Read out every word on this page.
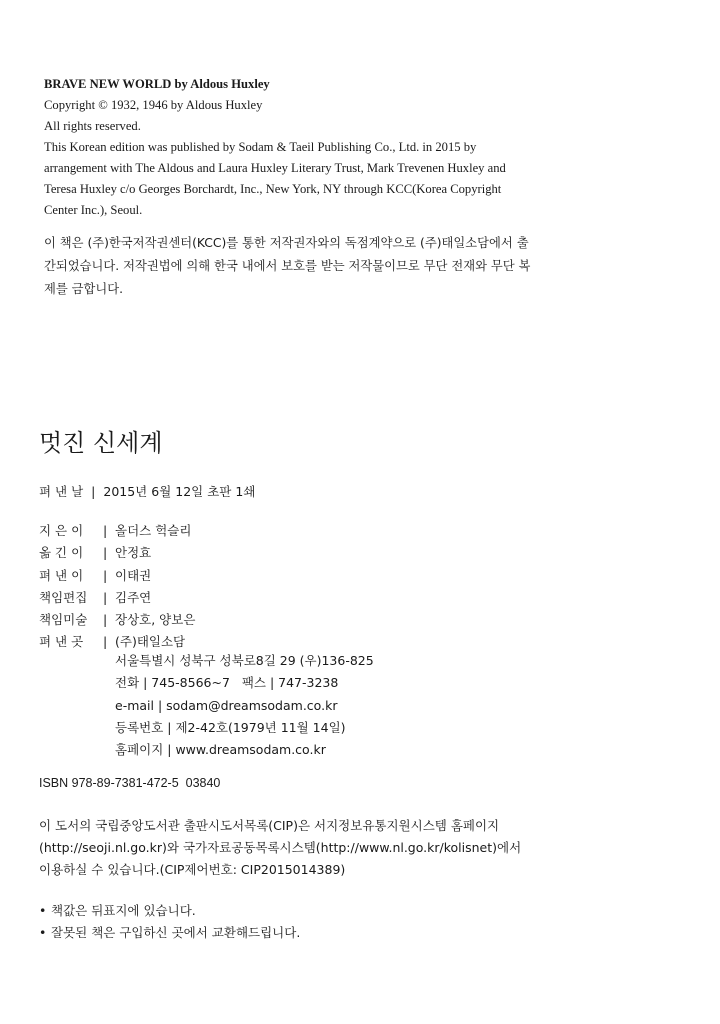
BRAVE NEW WORLD by Aldous Huxley

Copyright © 1932, 1946 by Aldous Huxley

All rights reserved.

This Korean edition was published by Sodam & Taeil Publishing Co., Ltd. in 2015 by

arrangement with The Aldous and Laura Huxley Literary Trust, Mark Trevenen Huxley and

Teresa Huxley c/o Georges Borchardt, Inc., New York, NY through KCC(Korea Copyright

Center Inc.), Seoul.

이 책은 (주)한국저작권센터(KCC)를 통한 저작권자와의 독점계약으로 (주)태일소담에서 출
간되었습니다. 저작권법에 의해 한국 내에서 보호를 받는 저작물이므로 무단 전재와 무단 복
제를 금합니다.
멋진 신세계
펴 낸 날 | 2015년 6월 12일 초판 1쇄
지 은 이	| 올더스 헉슬리
옮 긴 이	| 안정효
펴 낸 이	| 이태권
책임편집	| 김주연
책임미술	| 장상호, 양보은
펴 낸 곳	| (주)태일소담
서울특별시 성북구 성북로8길 29 (우)136-825
전화 | 745-8566~7   팩스 | 747-3238
e-mail | sodam@dreamsodam.co.kr
등록번호 | 제2-42호(1979년 11월 14일)
홈페이지 | www.dreamsodam.co.kr
ISBN 978-89-7381-472-5  03840
이 도서의 국립중앙도서관 출판시도서목록(CIP)은 서지정보유통지원시스템 홈페이지
(http://seoji.nl.go.kr)와 국가자료공동목록시스템(http://www.nl.go.kr/kolisnet)에서
이용하실 수 있습니다.(CIP제어번호: CIP2015014389)
• 책값은 뒤표지에 있습니다.
• 잘못된 책은 구입하신 곳에서 교환해드립니다.
